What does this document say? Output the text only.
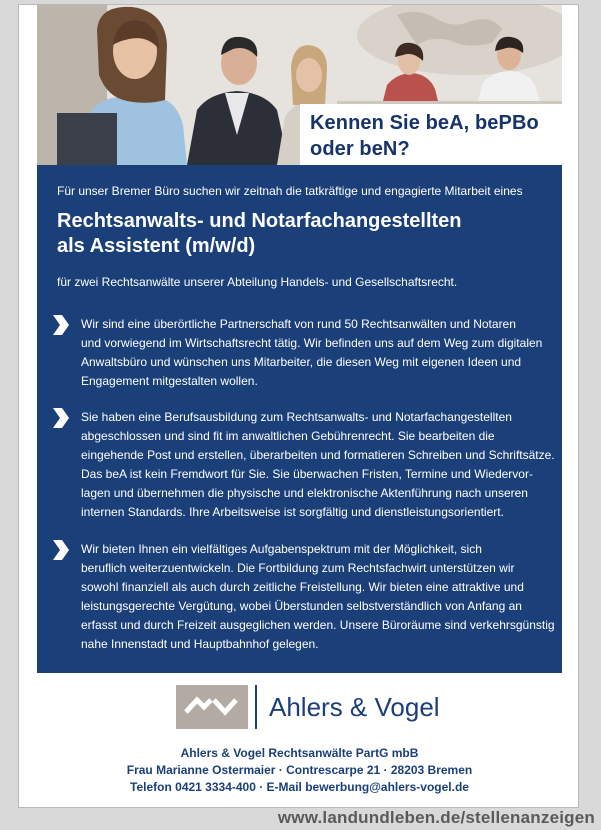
Kennen Sie beA, bePBo
oder beN?
Für unser Bremer Büro suchen wir zeitnah die tatkräftige und engagierte Mitarbeit eines
Rechtsanwalts- und Notarfachangestellten
als Assistent (m/w/d)
für zwei Rechtsanwälte unserer Abteilung Handels- und Gesellschaftsrecht.

Wir sind eine überörtliche Partnerschaft von rund 50 Rechtsanwälten und Notaren
und vorwiegend im Wirtschaftsrecht tätig. Wir befinden uns auf dem Weg zum digitalen
Anwaltsbüro und wünschen uns Mitarbeiter, die diesen Weg mit eigenen Ideen und
Engagement mitgestalten wollen.

Sie haben eine Berufsausbildung zum Rechtsanwalts- und Notarfachangestellten
abgeschlossen und sind fit im anwaltlichen Gebührenrecht. Sie bearbeiten die
eingehende Post und erstellen, überarbeiten und formatieren Schreiben und Schriftsätze.
Das beA ist kein Fremdwort für Sie. Sie überwachen Fristen, Termine und Wiedervor-
lagen und übernehmen die physische und elektronische Aktenführung nach unseren
internen Standards. Ihre Arbeitsweise ist sorgfältig und dienstleistungsorientiert.

Wir bieten Ihnen ein vielfältiges Aufgabenspektrum mit der Möglichkeit, sich
beruflich weiterzuentwickeln. Die Fortbildung zum Rechtsfachwirt unterstützen wir
sowohl finanziell als auch durch zeitliche Freistellung. Wir bieten eine attraktive und
leistungsgerechte Vergütung, wobei Überstunden selbstverständlich von Anfang an
erfasst und durch Freizeit ausgeglichen werden. Unsere Büroräume sind verkehrsgünstig
nahe Innenstadt und Hauptbahnhof gelegen.

Ahlers & Vogel
Ahlers & Vogel Rechtsanwälte PartG mbB
Frau Marianne Ostermaier · Contrescarpe 21 · 28203 Bremen
Telefon 0421 3334-400 · E-Mail bewerbung@ahlers-vogel.de
www.landundleben.de/stellenanzeigen
